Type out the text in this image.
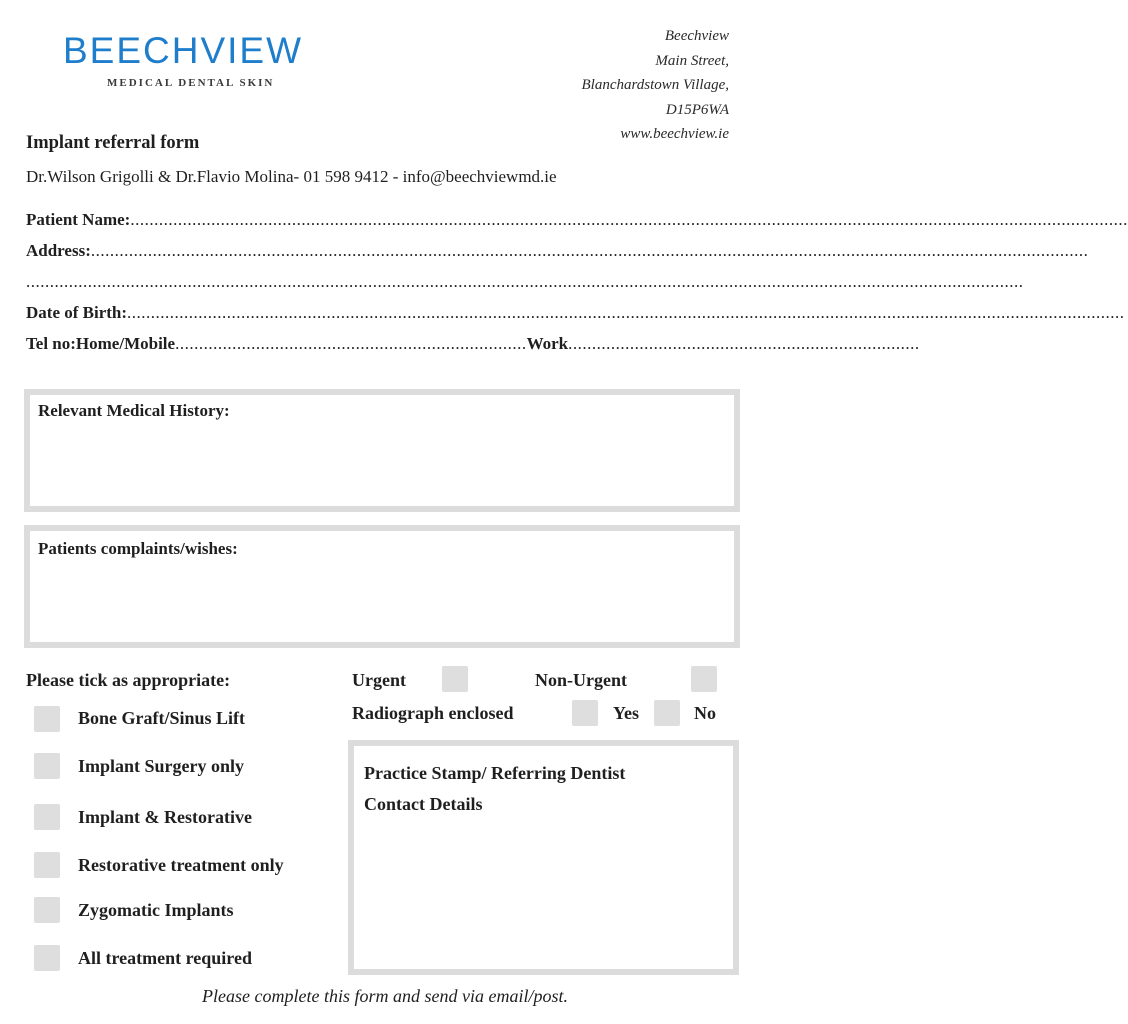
BEECHVIEW
MEDICAL DENTAL SKIN
Beechview
Main Street,
Blanchardstown Village,
D15P6WA
www.beechview.ie
Implant referral form
Dr.Wilson Grigolli & Dr.Flavio Molina- 01 598 9412 - info@beechviewmd.ie
Patient Name: ..................................................................................................................................................................................................................
Address: ..................................................................................................................................................................................................................
..................................................................................................................................................................................................................
Date of Birth: ..................................................................................................................................................................................................................
Tel no: Home/Mobile .......................................................................... Work ..........................................................................
Relevant Medical History:
Patients complaints/wishes:
Please tick as appropriate:	Urgent	Non-Urgent
Radiograph enclosed	Yes	No
Bone Graft/Sinus Lift
Implant Surgery only
Implant & Restorative
Restorative treatment only
Zygomatic Implants
All treatment required
Practice Stamp/ Referring Dentist
Contact Details
Please complete this form and send via email/post.
